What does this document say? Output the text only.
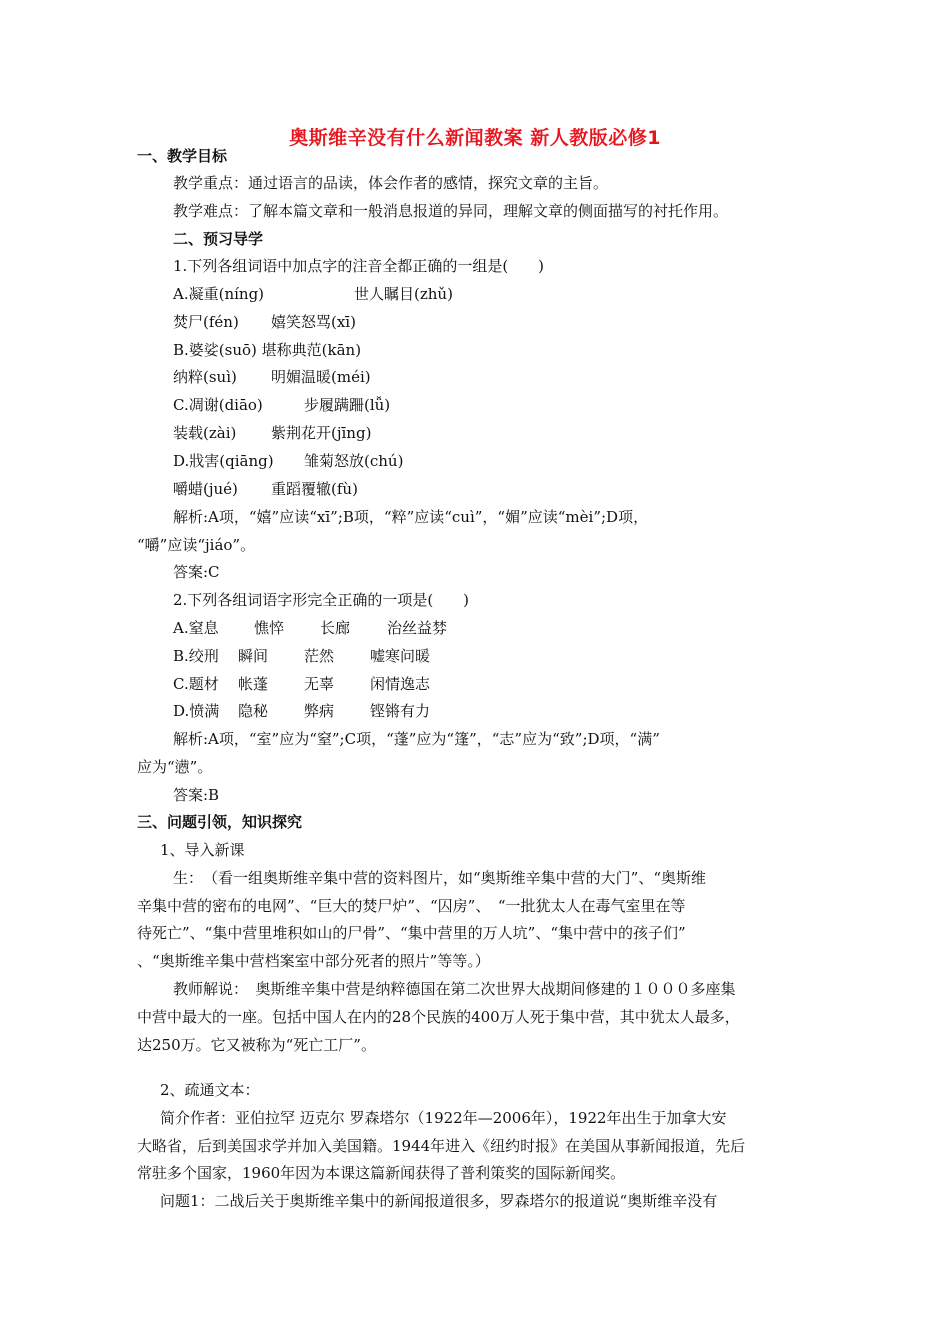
奥斯维辛没有什么新闻教案 新人教版必修1
一、教学目标
教学重点：通过语言的品读，体会作者的感情，探究文章的主旨。
教学难点：了解本篇文章和一般消息报道的异同，理解文章的侧面描写的衬托作用。
二、预习导学
1.下列各组词语中加点字的注音全都正确的一组是(　　)
A.凝重(níng)	世人瞩目(zhǔ)
焚尸(fén) 嬉笑怒骂(xī)
B.婆娑(suō) 堪称典范(kān)
纳粹(suì) 明媚温暖(méi)
C.凋谢(diāo)	步履蹒跚(lǚ)
装载(zài) 紫荆花开(jīng)
D.戕害(qiāng) 雏菊怒放(chú)
嚼蜡(jué) 重蹈覆辙(fù)
解析:A项，“嬉”应读“xī”;B项，“粹”应读“cuì”，“媚”应读“mèi”;D项，
“嚼”应读“jiáo”。
答案:C
2.下列各组词语字形完全正确的一项是(　　)
A.窒息 憔悴 长廊 治丝益棼
B.绞刑 瞬间 茫然 嘘寒问暖
C.题材 帐蓬 无辜 闲情逸志
D.愤满 隐秘 弊病 铿锵有力
解析:A项，“室”应为“窒”;C项，“蓬”应为“篷”，“志”应为“致”;D项，“满”
应为“懑”。
答案:B
三、问题引领，知识探究
1、导入新课
生：　（看一组奥斯维辛集中营的资料图片，如“奥斯维辛集中营的大门”、“奥斯维
辛集中营的密布的电网”、“巨大的焚尸炉”、“囚房”、　“一批犹太人在毒气室里在等
待死亡”、“集中营里堆积如山的尸骨”、“集中营里的万人坑”、“集中营中的孩子们”
、“奥斯维辛集中营档案室中部分死者的照片”等等。）
教师解说：　奥斯维辛集中营是纳粹德国在第二次世界大战期间修建的１０００多座集
中营中最大的一座。包括中国人在内的28个民族的400万人死于集中营，其中犹太人最多，
达250万。它又被称为“死亡工厂”。
2、疏通文本：
简介作者：亚伯拉罕 迈克尔 罗森塔尔（1922年—2006年），1922年出生于加拿大安
大略省，后到美国求学并加入美国籍。1944年进入《纽约时报》在美国从事新闻报道，先后
常驻多个国家，1960年因为本课这篇新闻获得了普利策奖的国际新闻奖。
问题1：二战后关于奥斯维辛集中的新闻报道很多，罗森塔尔的报道说“奥斯维辛没有
